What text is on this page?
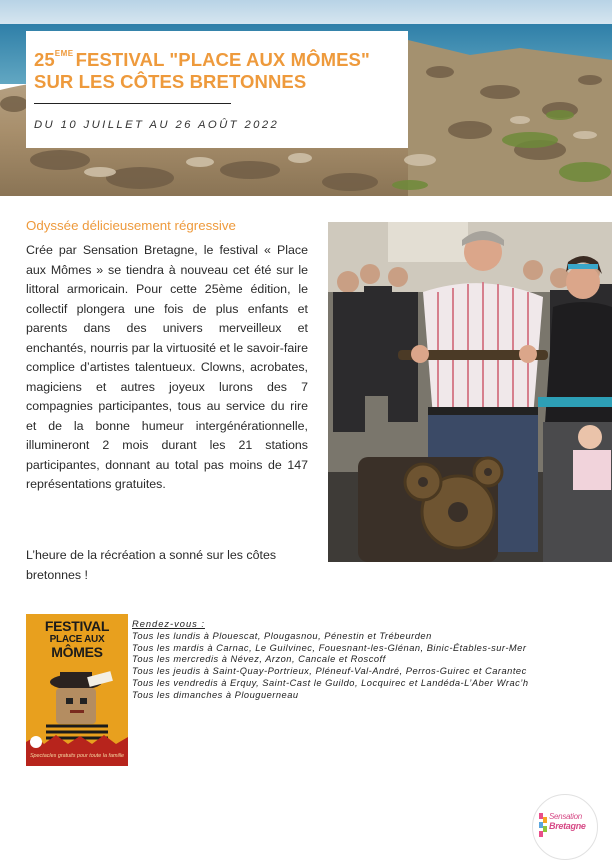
25EME FESTIVAL "PLACE AUX MÔMES"
SUR LES CÔTES BRETONNES
DU 10 JUILLET AU 26 AOÛT 2022
Odyssée délicieusement régressive
Crée par Sensation Bretagne, le festival « Place aux Mômes » se tiendra à nouveau cet été sur le littoral armoricain. Pour cette 25ème édition, le collectif plongera une fois de plus enfants et parents dans des univers merveilleux et enchantés, nourris par la virtuosité et le savoir-faire complice d’artistes talentueux. Clowns, acrobates, magiciens et autres joyeux lurons des 7 compagnies participantes, tous au service du rire et de la bonne humeur intergénérationnelle, illumineront 2 mois durant les 21 stations participantes, donnant au total pas moins de 147 représentations gratuites.
L’heure de la récréation a sonné sur les côtes bretonnes !
FESTIVAL
PLACE AUX
MÔMES
Spectacles gratuits pour toute la famille
Rendez-vous :
Tous les lundis à Plouescat, Plougasnou, Pénestin et Trébeurden
Tous les mardis à Carnac, Le Guilvinec, Fouesnant-les-Glénan, Binic-Étables-sur-Mer
Tous les mercredis à Névez, Arzon, Cancale et Roscoff
Tous les jeudis à Saint-Quay-Portrieux, Pléneuf-Val-André, Perros-Guirec et Carantec
Tous les vendredis à Erquy, Saint-Cast le Guildo, Locquirec et Landéda-L’Aber Wrac’h
Tous les dimanches à Plouguerneau
Sensation
Bretagne
